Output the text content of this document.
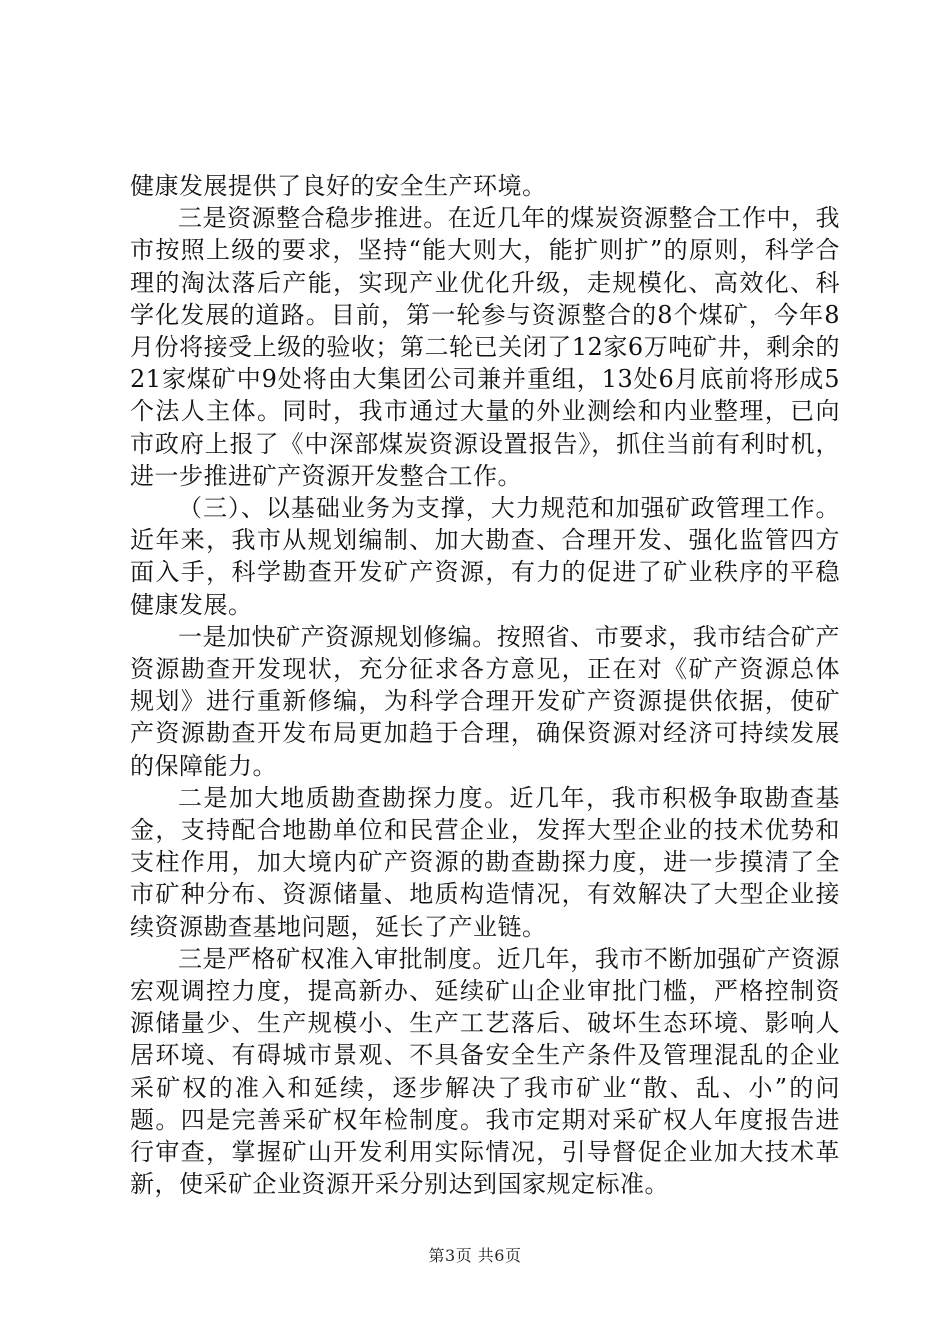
健康发展提供了良好的安全生产环境。

三是资源整合稳步推进。在近几年的煤炭资源整合工作中，我市按照上级的要求，坚持“能大则大，能扩则扩”的原则，科学合理的淘汰落后产能，实现产业优化升级，走规模化、高效化、科学化发展的道路。目前，第一轮参与资源整合的8个煤矿，今年8月份将接受上级的验收；第二轮已关闭了12家6万吨矿井，剩余的21家煤矿中9处将由大集团公司兼并重组，13处6月底前将形成5个法人主体。同时，我市通过大量的外业测绘和内业整理，已向市政府上报了《中深部煤炭资源设置报告》，抓住当前有利时机，进一步推进矿产资源开发整合工作。

（三）、以基础业务为支撑，大力规范和加强矿政管理工作。近年来，我市从规划编制、加大勘查、合理开发、强化监管四方面入手，科学勘查开发矿产资源，有力的促进了矿业秩序的平稳健康发展。

一是加快矿产资源规划修编。按照省、市要求，我市结合矿产资源勘查开发现状，充分征求各方意见，正在对《矿产资源总体规划》进行重新修编，为科学合理开发矿产资源提供依据，使矿产资源勘查开发布局更加趋于合理，确保资源对经济可持续发展的保障能力。

二是加大地质勘查勘探力度。近几年，我市积极争取勘查基金，支持配合地勘单位和民营企业，发挥大型企业的技术优势和支柱作用，加大境内矿产资源的勘查勘探力度，进一步摸清了全市矿种分布、资源储量、地质构造情况，有效解决了大型企业接续资源勘查基地问题，延长了产业链。

三是严格矿权准入审批制度。近几年，我市不断加强矿产资源宏观调控力度，提高新办、延续矿山企业审批门槛，严格控制资源储量少、生产规模小、生产工艺落后、破坏生态环境、影响人居环境、有碍城市景观、不具备安全生产条件及管理混乱的企业采矿权的准入和延续，逐步解决了我市矿业“散、乱、小”的问题。四是完善采矿权年检制度。我市定期对采矿权人年度报告进行审查，掌握矿山开发利用实际情况，引导督促企业加大技术革新，使采矿企业资源开采分别达到国家规定标准。

第3页 共6页
